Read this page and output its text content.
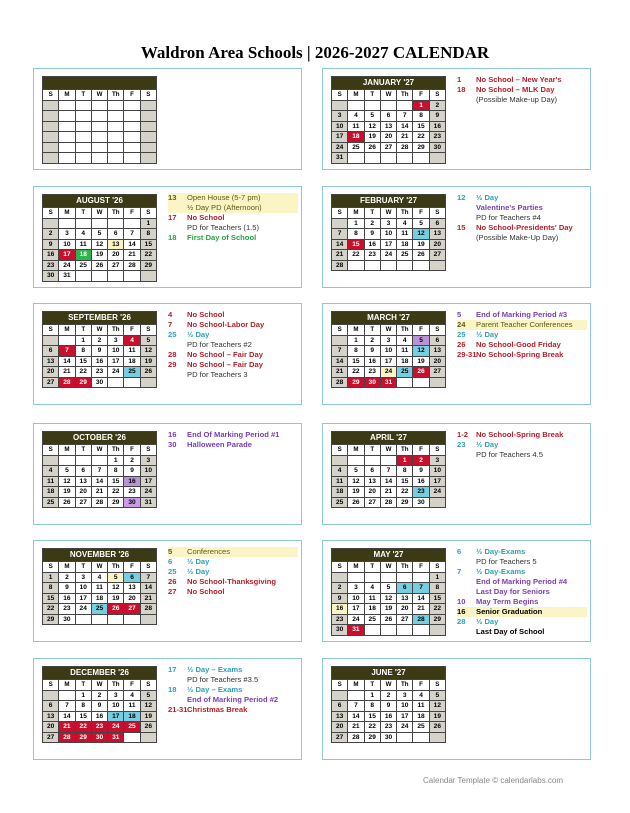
Waldron Area Schools | 2026-2027 CALENDAR

S	M	T	W	Th	F	S

JANUARY '27						
S	M	T	W	Th	F	S
					1	2
3	4	5	6	7	8	9
10	11	12	13	14	15	16
17	18	19	20	21	22	23
24	25	26	27	28	29	30
31						
1	No School – New Year's
18	No School – MLK Day
(Possible Make-up Day)
AUGUST '26						
S	M	T	W	Th	F	S
						1
2	3	4	5	6	7	8
9	10	11	12	13	14	15
16	17	18	19	20	21	22
23	24	25	26	27	28	29
30	31					
13	Open House (5-7 pm)
½ Day PD (Afternoon)
17	No School
PD for Teachers (1.5)
18	First Day of School
FEBRUARY '27						
S	M	T	W	Th	F	S
	1	2	3	4	5	6
7	8	9	10	11	12	13
14	15	16	17	18	19	20
21	22	23	24	25	26	27
28						
12	½ Day
Valentine's Parties
PD for Teachers #4
15	No School-Presidents' Day
(Possible Make-Up Day)
SEPTEMBER '26						
S	M	T	W	Th	F	S
		1	2	3	4	5
6	7	8	9	10	11	12
13	14	15	16	17	18	19
20	21	22	23	24	25	26
27	28	29	30			
4	No School
7	No School-Labor Day
25	½ Day
PD for Teachers #2
28	No School – Fair Day
29	No School – Fair Day
PD for Teachers 3
MARCH '27						
S	M	T	W	Th	F	S
	1	2	3	4	5	6
7	8	9	10	11	12	13
14	15	16	17	18	19	20
21	22	23	24	25	26	27
28	29	30	31			
5	End of Marking Period #3
24	Parent Teacher Conferences
25	½ Day
26	No School-Good Friday
29-31 No School-Spring Break
OCTOBER '26						
S	M	T	W	Th	F	S
				1	2	3
4	5	6	7	8	9	10
11	12	13	14	15	16	17
18	19	20	21	22	23	24
25	26	27	28	29	30	31
16	End Of Marking Period #1
30	Halloween Parade
APRIL '27						
S	M	T	W	Th	F	S
				1	2	3
4	5	6	7	8	9	10
11	12	13	14	15	16	17
18	19	20	21	22	23	24
25	26	27	28	29	30	
1-2	No School-Spring Break
23	½ Day
PD for Teachers 4.5
NOVEMBER '26						
S	M	T	W	Th	F	S
1	2	3	4	5	6	7
8	9	10	11	12	13	14
15	16	17	18	19	20	21
22	23	24	25	26	27	28
29	30					
5	Conferences
6	½ Day
25	½ Day
26	No School-Thanksgiving
27	No School
MAY '27						
S	M	T	W	Th	F	S
						1
2	3	4	5	6	7	8
9	10	11	12	13	14	15
16	17	18	19	20	21	22
23	24	25	26	27	28	29
30	31					
6	½ Day-Exams
PD for Teachers 5
7	½ Day-Exams
End of Marking Period #4
Last Day for Seniors
10	May Term Begins
16	Senior Graduation
28	½ Day
Last Day of School
DECEMBER '26						
S	M	T	W	Th	F	S
		1	2	3	4	5
6	7	8	9	10	11	12
13	14	15	16	17	18	19
20	21	22	23	24	25	26
27	28	29	30	31		
17	½ Day – Exams
PD for Teachers #3.5
18	½ Day – Exams
End of Marking Period #2
21-31 Christmas Break
JUNE '27						
S	M	T	W	Th	F	S
		1	2	3	4	5
6	7	8	9	10	11	12
13	14	15	16	17	18	19
20	21	22	23	24	25	26
27	28	29	30			
Calendar Template © calendarlabs.com
